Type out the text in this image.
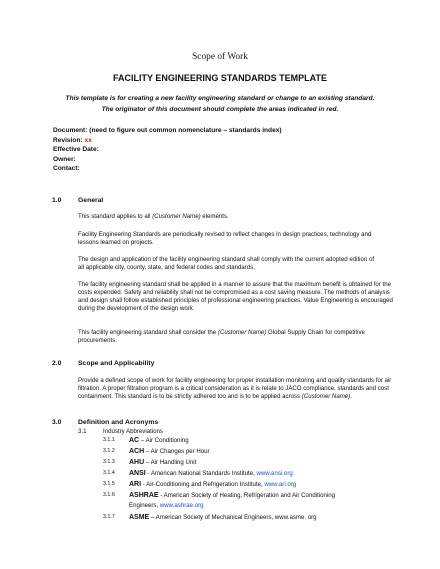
Scope of Work
FACILITY ENGINEERING STANDARDS TEMPLATE
This template is for creating a new facility engineering standard or change to an existing standard.
The originator of this document should complete the areas indicated in red.
Document: (need to figure out common nomenclature – standards index)
Revision: xx
Effective Date:
Owner:
Contact:
1.0 General

This standard applies to all (Customer Name) elements.

Facility Engineering Standards are periodically revised to reflect changes in design practices, technology and lessons learned on projects.

The design and application of the facility engineering standard shall comply with the current adopted edition of all applicable city, county, state, and federal codes and standards.

The facility engineering standard shall be applied in a manner to assure that the maximum benefit is obtained for the costs expended. Safety and reliability shall not be compromised as a cost saving measure. The methods of analysis and design shall follow established principles of professional engineering practices. Value Engineering is encouraged during the development of the design work.

This facility engineering standard shall consider the (Customer Name) Global Supply Chain for competitive procurements.

2.0 Scope and Applicability

Provide a defined scope of work for facility engineering for proper installation monitoring and quality standards for air filtration. A proper filtration program is a critical consideration as it is relate to JACO compliance, standards and cost containment. This standard is to be strictly adhered too and is to be applied across (Customer Name).

3.0 Definition and Acronyms
3.1	Industry Abbreviations
3.1.1	AC – Air Conditioning
3.1.2	ACH – Air Changes per Hour
3.1.3	AHU – Air Handling Unit
3.1.4	ANSI - American National Standards Institute, www.ansi.org
3.1.5	ARI - Air-Conditioning and Refrigeration Institute, www.ari.org
3.1.6	ASHRAE - American Society of Heating, Refrigeration and Air Conditioning
Engineers, www.ashrae.org
3.1.7	ASME – American Society of Mechanical Engineers, www.asme. org
